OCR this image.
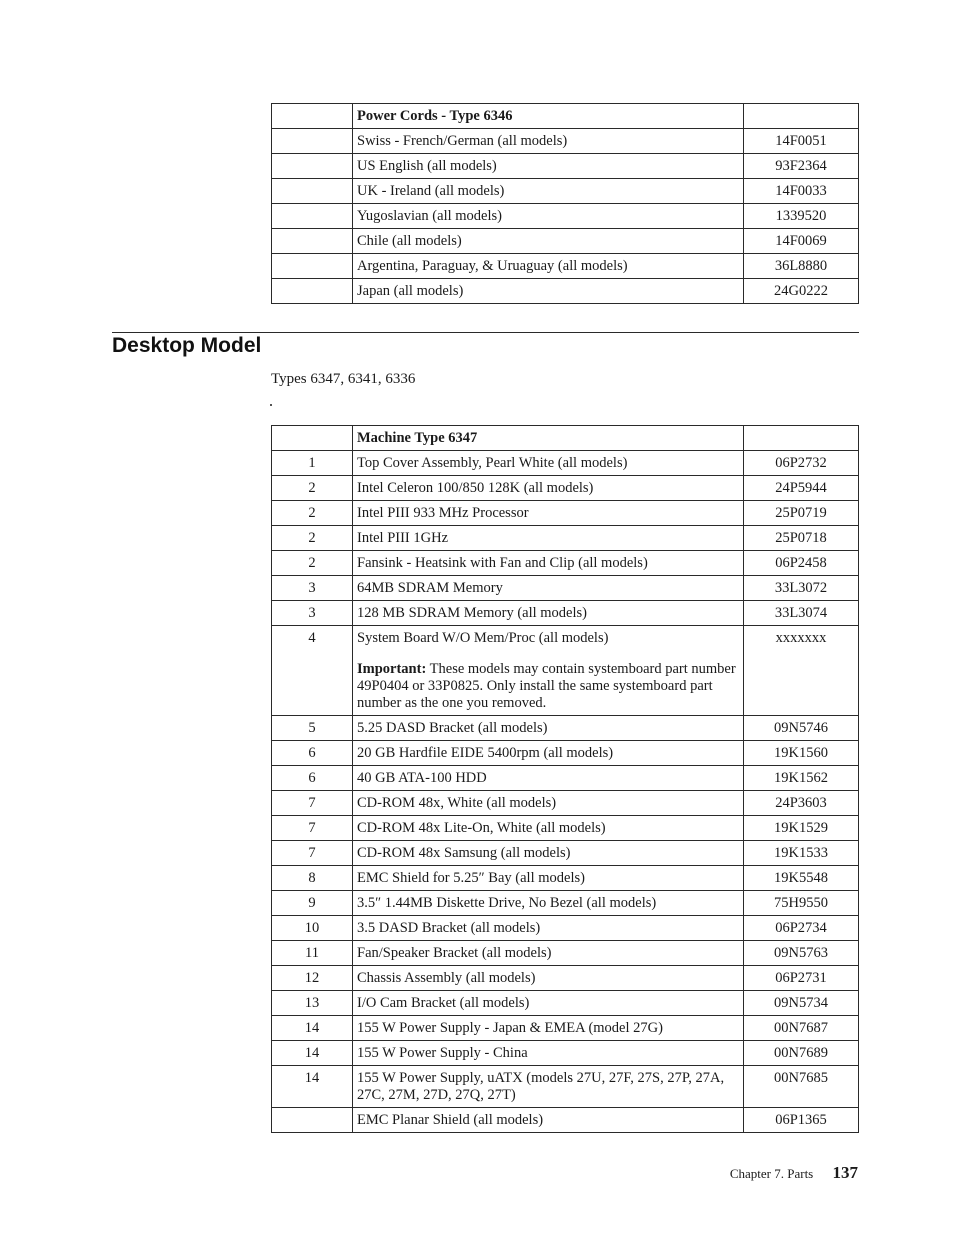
	Power Cords - Type 6346	
	Swiss - French/German (all models)	14F0051
	US English (all models)	93F2364
	UK - Ireland (all models)	14F0033
	Yugoslavian (all models)	1339520
	Chile (all models)	14F0069
	Argentina, Paraguay, & Uruaguay (all models)	36L8880
	Japan (all models)	24G0222
Desktop Model
Types 6347, 6341, 6336
	Machine Type 6347	
1	Top Cover Assembly, Pearl White (all models)	06P2732
2	Intel Celeron 100/850 128K (all models)	24P5944
2	Intel PIII 933 MHz Processor	25P0719
2	Intel PIII 1GHz	25P0718
2	Fansink - Heatsink with Fan and Clip (all models)	06P2458
3	64MB SDRAM Memory	33L3072
3	128 MB SDRAM Memory (all models)	33L3074
4	System Board W/O Mem/Proc (all models)
Important: These models may contain systemboard part number 49P0404 or 33P0825. Only install the same systemboard part number as the one you removed.	xxxxxxx
5	5.25 DASD Bracket (all models)	09N5746
6	20 GB Hardfile EIDE 5400rpm (all models)	19K1560
6	40 GB ATA-100 HDD	19K1562
7	CD-ROM 48x, White (all models)	24P3603
7	CD-ROM 48x Lite-On, White (all models)	19K1529
7	CD-ROM 48x Samsung (all models)	19K1533
8	EMC Shield for 5.25″ Bay (all models)	19K5548
9	3.5″ 1.44MB Diskette Drive, No Bezel (all models)	75H9550
10	3.5 DASD Bracket (all models)	06P2734
11	Fan/Speaker Bracket (all models)	09N5763
12	Chassis Assembly (all models)	06P2731
13	I/O Cam Bracket (all models)	09N5734
14	155 W Power Supply - Japan & EMEA (model 27G)	00N7687
14	155 W Power Supply - China	00N7689
14	155 W Power Supply, uATX (models 27U, 27F, 27S, 27P, 27A, 27C, 27M, 27D, 27Q, 27T)	00N7685
	EMC Planar Shield (all models)	06P1365
Chapter 7. Parts 137
